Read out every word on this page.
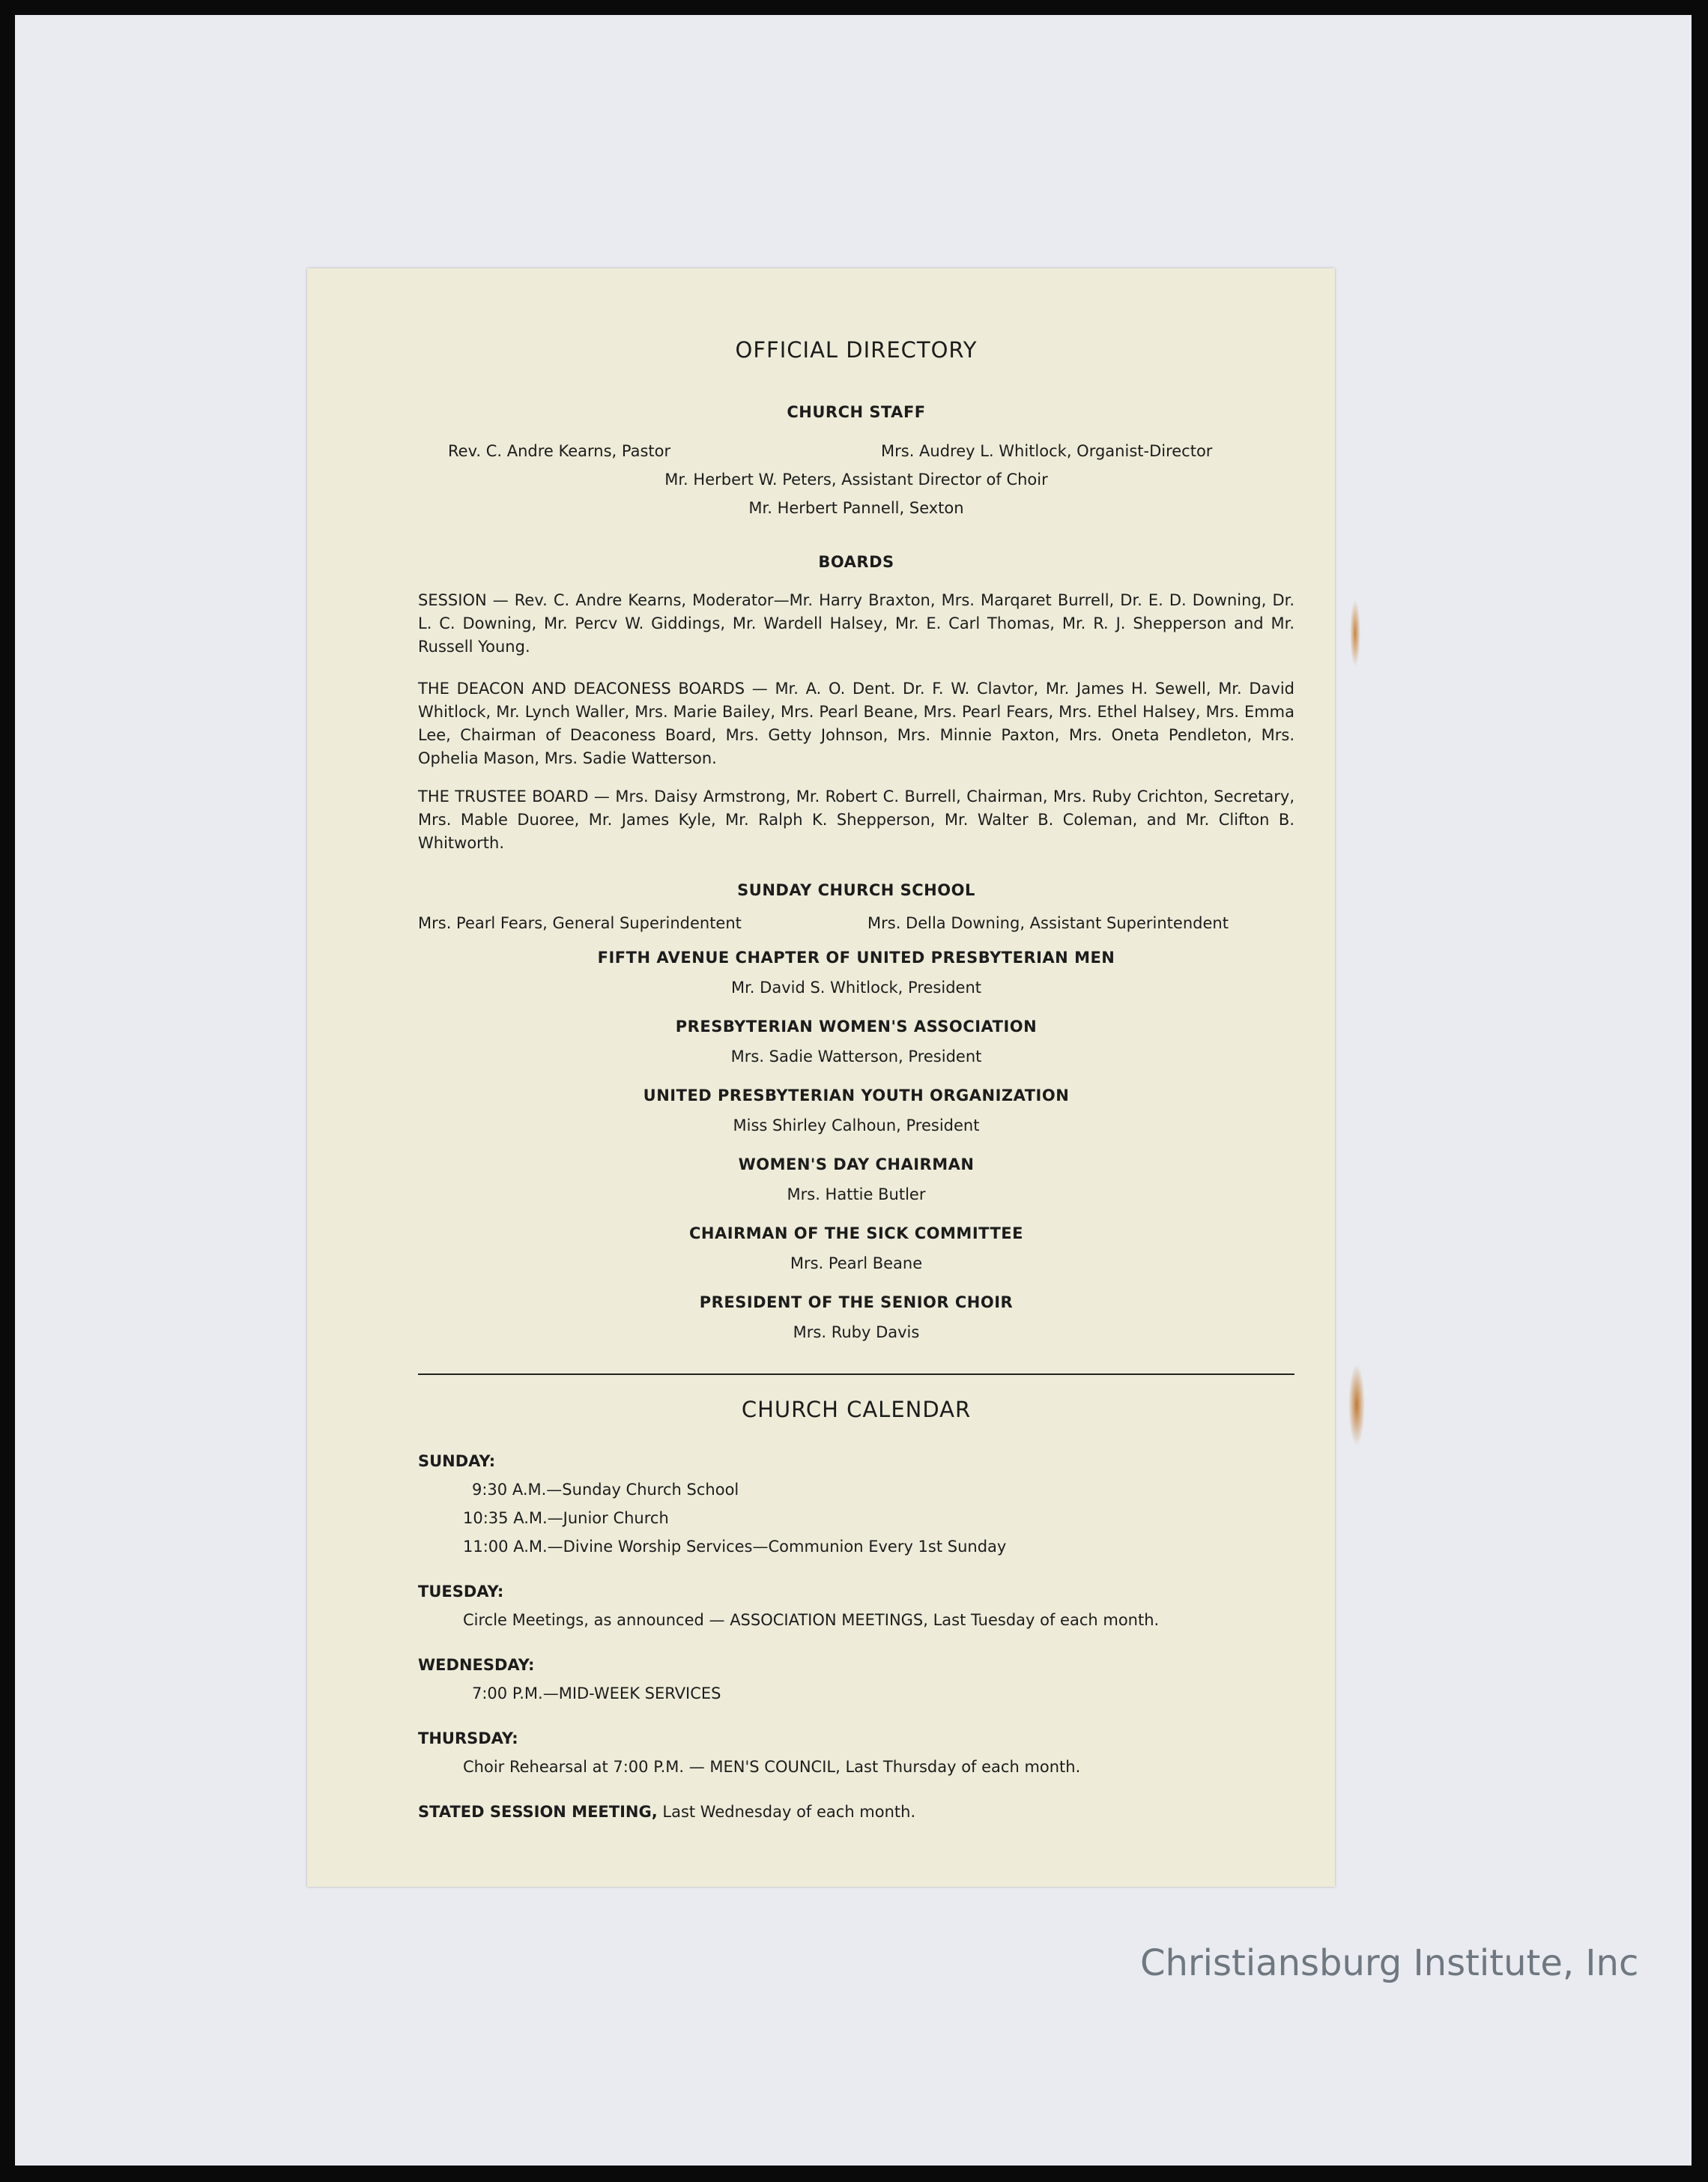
OFFICIAL DIRECTORY
CHURCH STAFF
Rev. C. Andre Kearns, Pastor	Mrs. Audrey L. Whitlock, Organist-Director
Mr. Herbert W. Peters, Assistant Director of Choir
Mr. Herbert Pannell, Sexton
BOARDS
SESSION — Rev. C. Andre Kearns, Moderator—Mr. Harry Braxton, Mrs. Marqaret Burrell, Dr. E. D. Downing, Dr. L. C. Downing, Mr. Percv W. Giddings, Mr. Wardell Halsey, Mr. E. Carl Thomas, Mr. R. J. Shepperson and Mr. Russell Young.
THE DEACON AND DEACONESS BOARDS — Mr. A. O. Dent. Dr. F. W. Clavtor, Mr. James H. Sewell, Mr. David Whitlock, Mr. Lynch Waller, Mrs. Marie Bailey, Mrs. Pearl Beane, Mrs. Pearl Fears, Mrs. Ethel Halsey, Mrs. Emma Lee, Chairman of Deaconess Board, Mrs. Getty Johnson, Mrs. Minnie Paxton, Mrs. Oneta Pendleton, Mrs. Ophelia Mason, Mrs. Sadie Watterson.
THE TRUSTEE BOARD — Mrs. Daisy Armstrong, Mr. Robert C. Burrell, Chairman, Mrs. Ruby Crichton, Secretary, Mrs. Mable Duoree, Mr. James Kyle, Mr. Ralph K. Shepperson, Mr. Walter B. Coleman, and Mr. Clifton B. Whitworth.
SUNDAY CHURCH SCHOOL
Mrs. Pearl Fears, General Superindentent	Mrs. Della Downing, Assistant Superintendent
FIFTH AVENUE CHAPTER OF UNITED PRESBYTERIAN MEN
Mr. David S. Whitlock, President
PRESBYTERIAN WOMEN'S ASSOCIATION
Mrs. Sadie Watterson, President
UNITED PRESBYTERIAN YOUTH ORGANIZATION
Miss Shirley Calhoun, President
WOMEN'S DAY CHAIRMAN
Mrs. Hattie Butler
CHAIRMAN OF THE SICK COMMITTEE
Mrs. Pearl Beane
PRESIDENT OF THE SENIOR CHOIR
Mrs. Ruby Davis
CHURCH CALENDAR
SUNDAY:
9:30 A.M.—Sunday Church School
10:35 A.M.—Junior Church
11:00 A.M.—Divine Worship Services—Communion Every 1st Sunday
TUESDAY:
Circle Meetings, as announced — ASSOCIATION MEETINGS, Last Tuesday of each month.
WEDNESDAY:
7:00 P.M.—MID-WEEK SERVICES
THURSDAY:
Choir Rehearsal at 7:00 P.M. — MEN'S COUNCIL, Last Thursday of each month.
STATED SESSION MEETING, Last Wednesday of each month.
Christiansburg Institute, Inc
